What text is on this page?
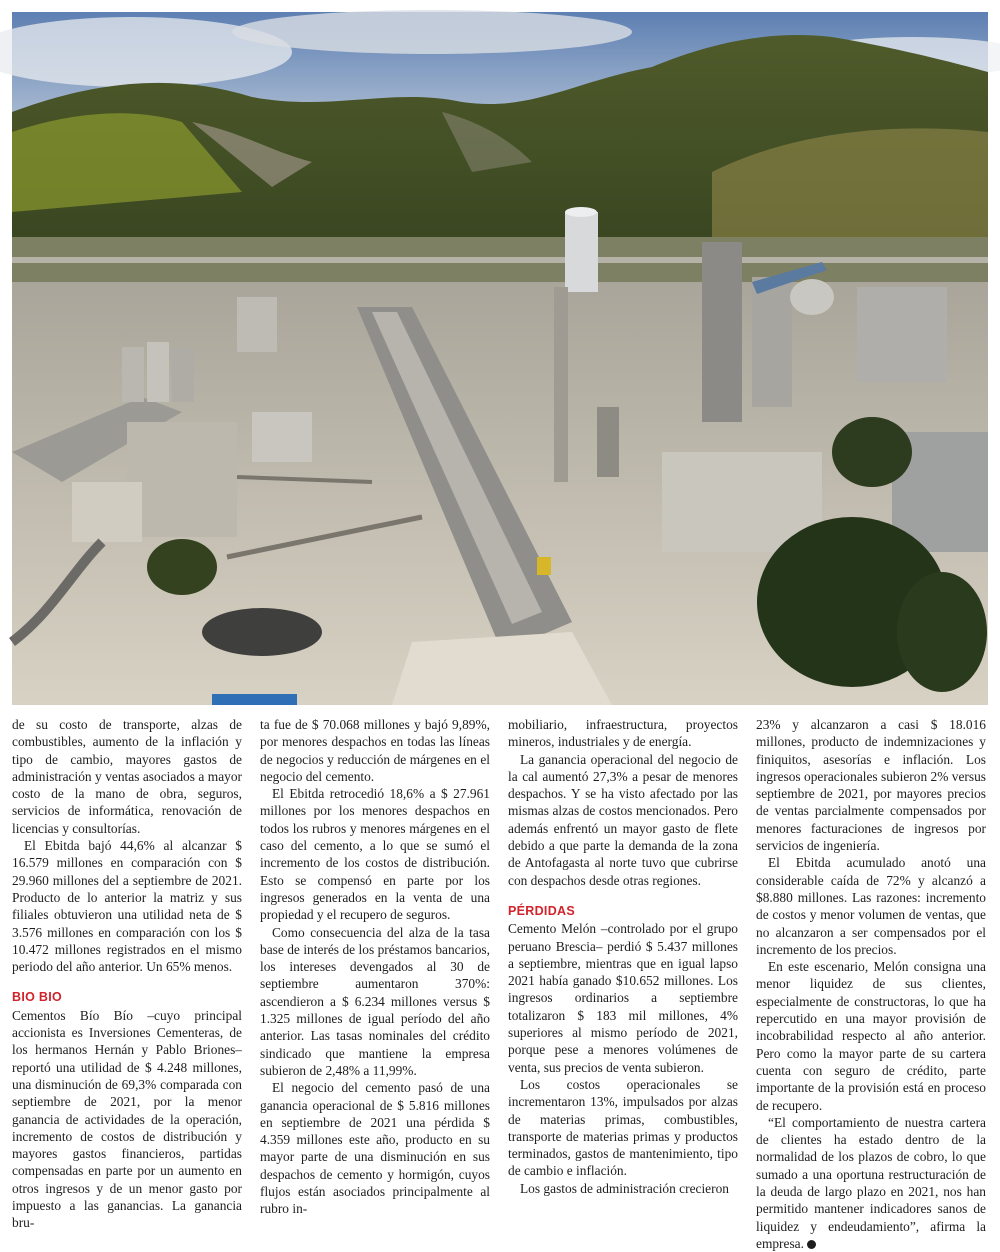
de su costo de transporte, alzas de combustibles, aumento de la inflación y tipo de cambio, mayores gastos de administración y ventas asociados a mayor costo de la mano de obra, seguros, servicios de informática, renovación de licencias y consultorías.

El Ebitda bajó 44,6% al alcanzar $ 16.579 millones en comparación con $ 29.960 millones del a septiembre de 2021. Producto de lo anterior la matriz y sus filiales obtuvieron una utilidad neta de $ 3.576 millones en comparación con los $ 10.472 millones registrados en el mismo periodo del año anterior. Un 65% menos.

BIO BIO

Cementos Bío Bío –cuyo principal accionista es Inversiones Cementeras, de los hermanos Hernán y Pablo Briones– reportó una utilidad de $ 4.248 millones, una disminución de 69,3% comparada con septiembre de 2021, por la menor ganancia de actividades de la operación, incremento de costos de distribución y mayores gastos financieros, partidas compensadas en parte por un aumento en otros ingresos y de un menor gasto por impuesto a las ganancias. La ganancia bru-

ta fue de $ 70.068 millones y bajó 9,89%, por menores despachos en todas las líneas de negocios y reducción de márgenes en el negocio del cemento.

El Ebitda retrocedió 18,6% a $ 27.961 millones por los menores despachos en todos los rubros y menores márgenes en el caso del cemento, a lo que se sumó el incremento de los costos de distribución. Esto se compensó en parte por los ingresos generados en la venta de una propiedad y el recupero de seguros.

Como consecuencia del alza de la tasa base de interés de los préstamos bancarios, los intereses devengados al 30 de septiembre aumentaron 370%: ascendieron a $ 6.234 millones versus $ 1.325 millones de igual período del año anterior. Las tasas nominales del crédito sindicado que mantiene la empresa subieron de 2,48% a 11,99%.

El negocio del cemento pasó de una ganancia operacional de $ 5.816 millones en septiembre de 2021 una pérdida $ 4.359 millones este año, producto en su mayor parte de una disminución en sus despachos de cemento y hormigón, cuyos flujos están asociados principalmente al rubro in-

mobiliario, infraestructura, proyectos mineros, industriales y de energía.

La ganancia operacional del negocio de la cal aumentó 27,3% a pesar de menores despachos. Y se ha visto afectado por las mismas alzas de costos mencionados. Pero además enfrentó un mayor gasto de flete debido a que parte la demanda de la zona de Antofagasta al norte tuvo que cubrirse con despachos desde otras regiones.

PÉRDIDAS

Cemento Melón –controlado por el grupo peruano Brescia– perdió $ 5.437 millones a septiembre, mientras que en igual lapso 2021 había ganado $10.652 millones. Los ingresos ordinarios a septiembre totalizaron $ 183 mil millones, 4% superiores al mismo período de 2021, porque pese a menores volúmenes de venta, sus precios de venta subieron.

Los costos operacionales se incrementaron 13%, impulsados por alzas de materias primas, combustibles, transporte de materias primas y productos terminados, gastos de mantenimiento, tipo de cambio e inflación.

Los gastos de administración crecieron

23% y alcanzaron a casi $ 18.016 millones, producto de indemnizaciones y finiquitos, asesorías e inflación. Los ingresos operacionales subieron 2% versus septiembre de 2021, por mayores precios de ventas parcialmente compensados por menores facturaciones de ingresos por servicios de ingeniería.

El Ebitda acumulado anotó una considerable caída de 72% y alcanzó a $8.880 millones. Las razones: incremento de costos y menor volumen de ventas, que no alcanzaron a ser compensados por el incremento de los precios.

En este escenario, Melón consigna una menor liquidez de sus clientes, especialmente de constructoras, lo que ha repercutido en una mayor provisión de incobrabilidad respecto al año anterior. Pero como la mayor parte de su cartera cuenta con seguro de crédito, parte importante de la provisión está en proceso de recupero.

“El comportamiento de nuestra cartera de clientes ha estado dentro de la normalidad de los plazos de cobro, lo que sumado a una oportuna restructuración de la deuda de largo plazo en 2021, nos han permitido mantener indicadores sanos de liquidez y endeudamiento”, afirma la empresa.
